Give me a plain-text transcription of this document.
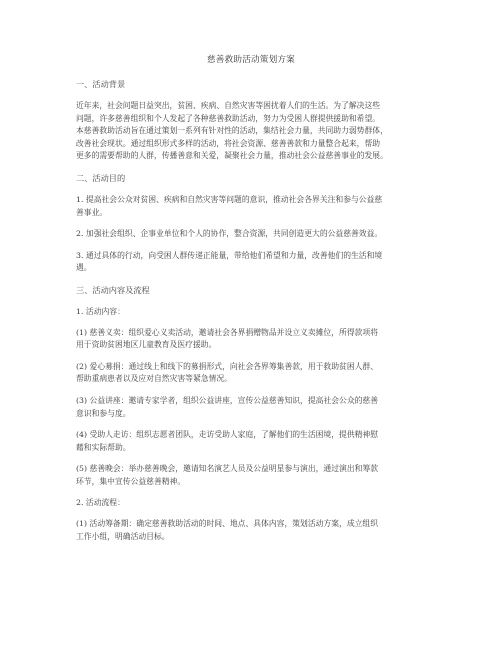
慈善救助活动策划方案
一、活动背景
近年来，社会问题日益突出，贫困、疾病、自然灾害等困扰着人们的生活。为了解决这些
问题，许多慈善组织和个人发起了各种慈善救助活动，努力为受困人群提供援助和希望。
本慈善救助活动旨在通过策划一系列有针对性的活动，集结社会力量，共同助力弱势群体，
改善社会现状。通过组织形式多样的活动，将社会资源、慈善善款和力量整合起来，帮助
更多的需要帮助的人群，传播善意和关爱，凝聚社会力量，推动社会公益慈善事业的发展。
二、活动目的
1. 提高社会公众对贫困、疾病和自然灾害等问题的意识，推动社会各界关注和参与公益慈
善事业。
2. 加强社会组织、企事业单位和个人的协作，整合资源，共同创造更大的公益慈善效益。
3. 通过具体的行动，向受困人群传递正能量，带给他们希望和力量，改善他们的生活和境
遇。
三、活动内容及流程
1. 活动内容：
(1) 慈善义卖：组织爱心义卖活动，邀请社会各界捐赠物品并设立义卖摊位，所得款项将
用于资助贫困地区儿童教育及医疗援助。
(2) 爱心募捐：通过线上和线下的募捐形式，向社会各界筹集善款，用于救助贫困人群、
帮助重病患者以及应对自然灾害等紧急情况。
(3) 公益讲座：邀请专家学者，组织公益讲座，宣传公益慈善知识，提高社会公众的慈善
意识和参与度。
(4) 受助人走访：组织志愿者团队，走访受助人家庭，了解他们的生活困境，提供精神慰
藉和实际帮助。
(5) 慈善晚会：举办慈善晚会，邀请知名演艺人员及公益明星参与演出，通过演出和筹款
环节，集中宣传公益慈善精神。
2. 活动流程：
(1) 活动筹备期：确定慈善救助活动的时间、地点、具体内容，策划活动方案，成立组织
工作小组，明确活动目标。
